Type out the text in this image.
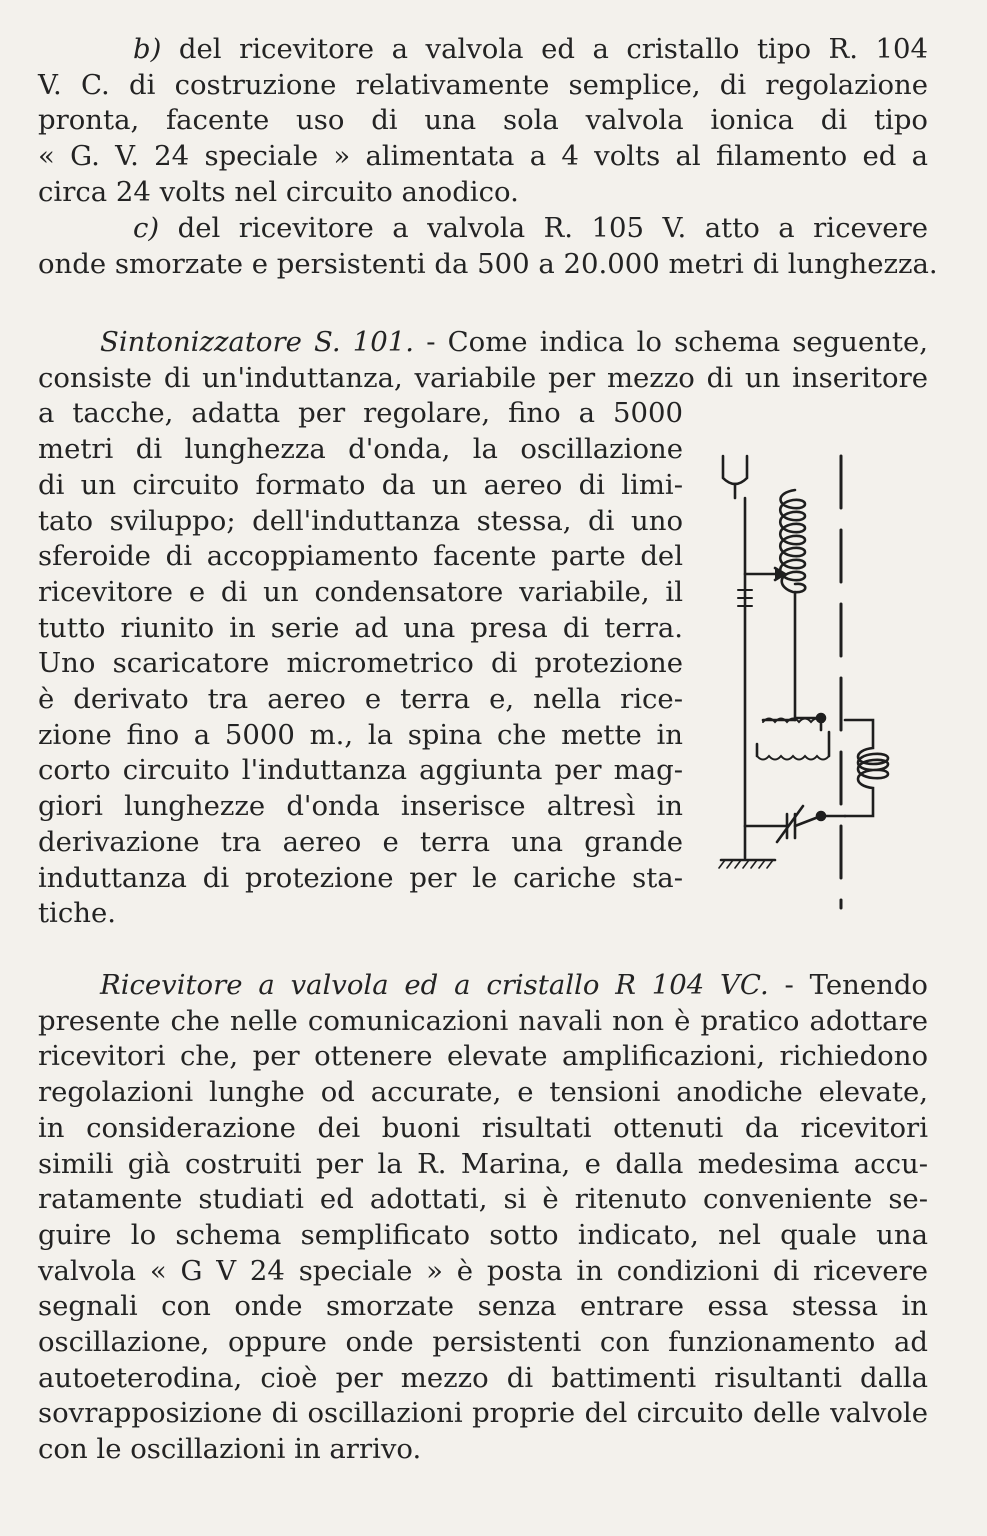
b) del ricevitore a valvola ed a cristallo tipo R. 104
V. C. di costruzione relativamente semplice, di regolazione
pronta, facente uso di una sola valvola ionica di tipo
« G. V. 24 speciale » alimentata a 4 volts al filamento ed a
circa 24 volts nel circuito anodico.

c) del ricevitore a valvola R. 105 V. atto a ricevere
onde smorzate e persistenti da 500 a 20.000 metri di lunghezza.

Sintonizzatore S. 101. - Come indica lo schema seguente,
consiste di un'induttanza, variabile per mezzo di un inseritore
a tacche, adatta per regolare, fino a 5000
metri di lunghezza d'onda, la oscillazione
di un circuito formato da un aereo di limi-
tato sviluppo; dell'induttanza stessa, di uno
sferoide di accoppiamento facente parte del
ricevitore e di un condensatore variabile, il
tutto riunito in serie ad una presa di terra.
Uno scaricatore micrometrico di protezione
è derivato tra aereo e terra e, nella rice-
zione fino a 5000 m., la spina che mette in
corto circuito l'induttanza aggiunta per mag-
giori lunghezze d'onda inserisce altresì in
derivazione tra aereo e terra una grande
induttanza di protezione per le cariche sta-
tiche.
Ricevitore a valvola ed a cristallo R 104 VC. - Tenendo
presente che nelle comunicazioni navali non è pratico adottare
ricevitori che, per ottenere elevate amplificazioni, richiedono
regolazioni lunghe od accurate, e tensioni anodiche elevate,
in considerazione dei buoni risultati ottenuti da ricevitori
simili già costruiti per la R. Marina, e dalla medesima accu-
ratamente studiati ed adottati, si è ritenuto conveniente se-
guire lo schema semplificato sotto indicato, nel quale una
valvola « G V 24 speciale » è posta in condizioni di ricevere
segnali con onde smorzate senza entrare essa stessa in
oscillazione, oppure onde persistenti con funzionamento ad
autoeterodina, cioè per mezzo di battimenti risultanti dalla
sovrapposizione di oscillazioni proprie del circuito delle valvole
con le oscillazioni in arrivo.
